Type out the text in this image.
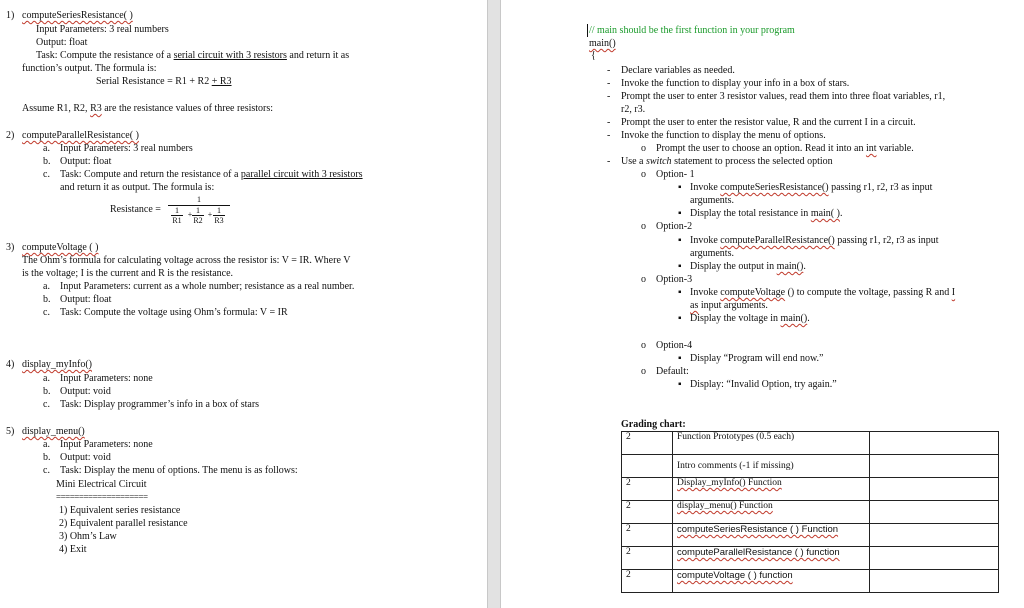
1) computeSeriesResistance( )
Input Parameters: 3 real numbers
Output: float
Task: Compute the resistance of a serial circuit with 3 resistors and return it as
function’s output. The formula is:
Serial Resistance = R1 + R2 + R3
Assume R1, R2, R3 are the resistance values of three resistors:
2) computeParallelResistance( )
a. Input Parameters: 3 real numbers
b. Output: float
c. Task: Compute and return the resistance of a parallel circuit with 3 resistors
and return it as output. The formula is:
Resistance =
1
1
R1
+ 1
R2
+ 1
R3
3) computeVoltage ( )
The Ohm’s formula for calculating voltage across the resistor is: V = IR. Where V
is the voltage; I is the current and R is the resistance.
a. Input Parameters: current as a whole number; resistance as a real number.
b. Output: float
c. Task: Compute the voltage using Ohm’s formula: V = IR
4) display_myInfo()
a. Input Parameters: none
b. Output: void
c. Task: Display programmer’s info in a box of stars
5) display_menu()
a. Input Parameters: none
b. Output: void
c. Task: Display the menu of options. The menu is as follows:
Mini Electrical Circuit
====================
1) Equivalent series resistance
2) Equivalent parallel resistance
3) Ohm’s Law
4) Exit
// main should be the first function in your program
main()
{
- Declare variables as needed.
- Invoke the function to display your info in a box of stars.
- Prompt the user to enter 3 resistor values, read them into three float variables, r1,
r2, r3.
- Prompt the user to enter the resistor value, R and the current I in a circuit.
- Invoke the function to display the menu of options.
o Prompt the user to choose an option. Read it into an int variable.
- Use a switch statement to process the selected option
o Option- 1
▪ Invoke computeSeriesResistance() passing r1, r2, r3 as input
arguments.
▪ Display the total resistance in main( ).
o Option-2
▪ Invoke computeParallelResistance() passing r1, r2, r3 as input
arguments.
▪ Display the output in main().
o Option-3
▪ Invoke computeVoltage () to compute the voltage, passing R and I
as input arguments.
▪ Display the voltage in main().
o Option-4
▪ Display “Program will end now.”
o Default:
▪ Display: “Invalid Option, try again.”
Grading chart:
2	Function Prototypes (0.5 each)	
	Intro comments (-1 if missing)	
2	Display_myInfo() Function	
2	display_menu() Function	
2	computeSeriesResistance ( ) Function	
2	computeParallelResistance ( ) function	
2	computeVoltage ( ) function	
